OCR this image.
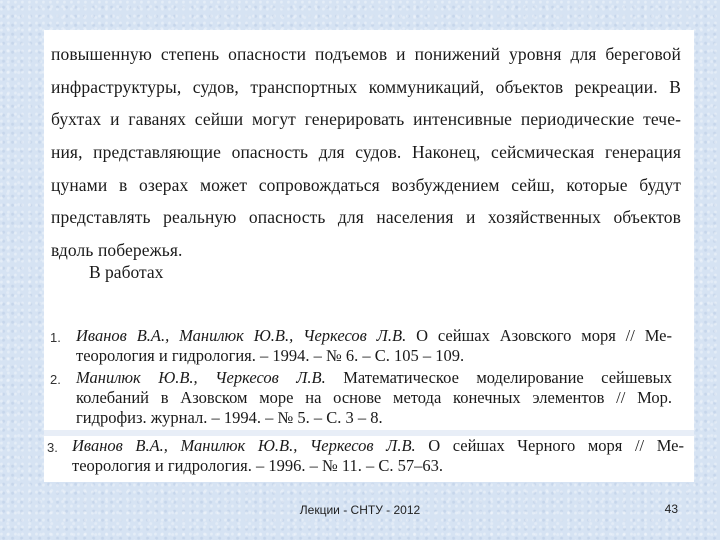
повышенную степень опасности подъемов и понижений уровня для береговой
инфраструктуры, судов, транспортных коммуникаций, объектов рекреации. В
бухтах и гаванях сейши могут генерировать интенсивные периодические тече-
ния, представляющие опасность для судов. Наконец, сейсмическая генерация
цунами в озерах может сопровождаться возбуждением сейш, которые будут
представлять реальную опасность для населения и хозяйственных объектов
вдоль побережья.
В работах
1. Иванов В.А., Манилюк Ю.В., Черкесов Л.В. О сейшах Азовского моря // Ме-
теорология и гидрология. – 1994. – № 6. – С. 105 – 109.
2. Манилюк Ю.В., Черкесов Л.В. Математическое моделирование сейшевых
колебаний в Азовском море на основе метода конечных элементов // Мор.
гидрофиз. журнал. – 1994. – № 5. – С. 3 – 8.
3. Иванов В.А., Манилюк Ю.В., Черкесов Л.В. О сейшах Черного моря // Ме-
теорология и гидрология. – 1996. – № 11. – С. 57–63.
Лекции - СНТУ - 2012	43
